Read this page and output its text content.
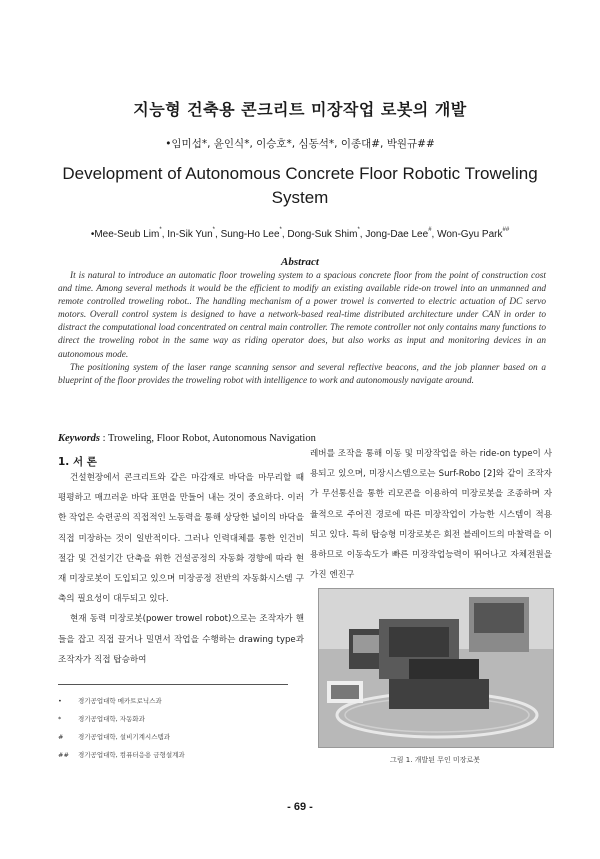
지능형 건축용 콘크리트 미장작업 로봇의 개발
•임미섭*, 윤인식*, 이승호*, 심동석*, 이종대#, 박원규##
Development of Autonomous Concrete Floor Robotic Troweling System
•Mee-Seub Lim*, In-Sik Yun*, Sung-Ho Lee*, Dong-Suk Shim*, Jong-Dae Lee#, Won-Gyu Park##
Abstract

It is natural to introduce an automatic floor troweling system to a spacious concrete floor from the point of construction cost and time. Among several methods it would be the efficient to modify an existing available ride-on trowel into an unmanned and remote controlled troweling robot.. The handling mechanism of a power trowel is converted to electric actuation of DC servo motors. Overall control system is designed to have a network-based real-time distributed architecture under CAN in order to distract the computational load concentrated on central main controller. The remote controller not only contains many functions to direct the troweling robot in the same way as riding operator does, but also works as input and monitoring devices in an autonomous mode.

The positioning system of the laser range scanning sensor and several reflective beacons, and the job planner based on a blueprint of the floor provides the troweling robot with intelligence to work and autonomously navigate around.

Keywords : Troweling, Floor Robot, Autonomous Navigation
1. 서 론

건설현장에서 콘크리트와 같은 마감재로 바닥을 마무리할 때 평평하고 매끄러운 바닥 표면을 만들어 내는 것이 중요하다. 이러한 작업은 숙련공의 직접적인 노동력을 통해 상당한 넓이의 바닥을 직접 미장하는 것이 일반적이다. 그러나 인력대체를 통한 인건비 절감 및 건설기간 단축을 위한 건설공정의 자동화 경향에 따라 현재 미장로봇이 도입되고 있으며 미장공정 전반의 자동화시스템 구축의 필요성이 대두되고 있다.

현재 동력 미장로봇(power trowel robot)으로는 조작자가 핸들을 잡고 직접 끌거나 밀면서 작업을 수행하는 drawing type과 조작자가 직접 탑승하여

레버를 조작을 통해 이동 및 미장작업을 하는 ride-on type이 사용되고 있으며, 미장시스템으로는 Surf-Robo [2]와 같이 조작자가 무선통신을 통한 리모콘을 이용하여 미장로봇을 조종하며 자율적으로 주어진 경로에 따른 미장작업이 가능한 시스템이 적용되고 있다. 특히 탑승형 미장로봇은 회전 블레이드의 마찰력을 이용하므로 이동속도가 빠른 미장작업능력이 뛰어나고 자체전원을 가진 엔진구

그림 1. 개발된 무인 미장로봇
• 경기공업대학 메카트로닉스과
*	경기공업대학, 자동화과
# 경기공업대학, 설비기계시스템과
## 경기공업대학, 컴퓨터응용 금형설계과
- 69 -
